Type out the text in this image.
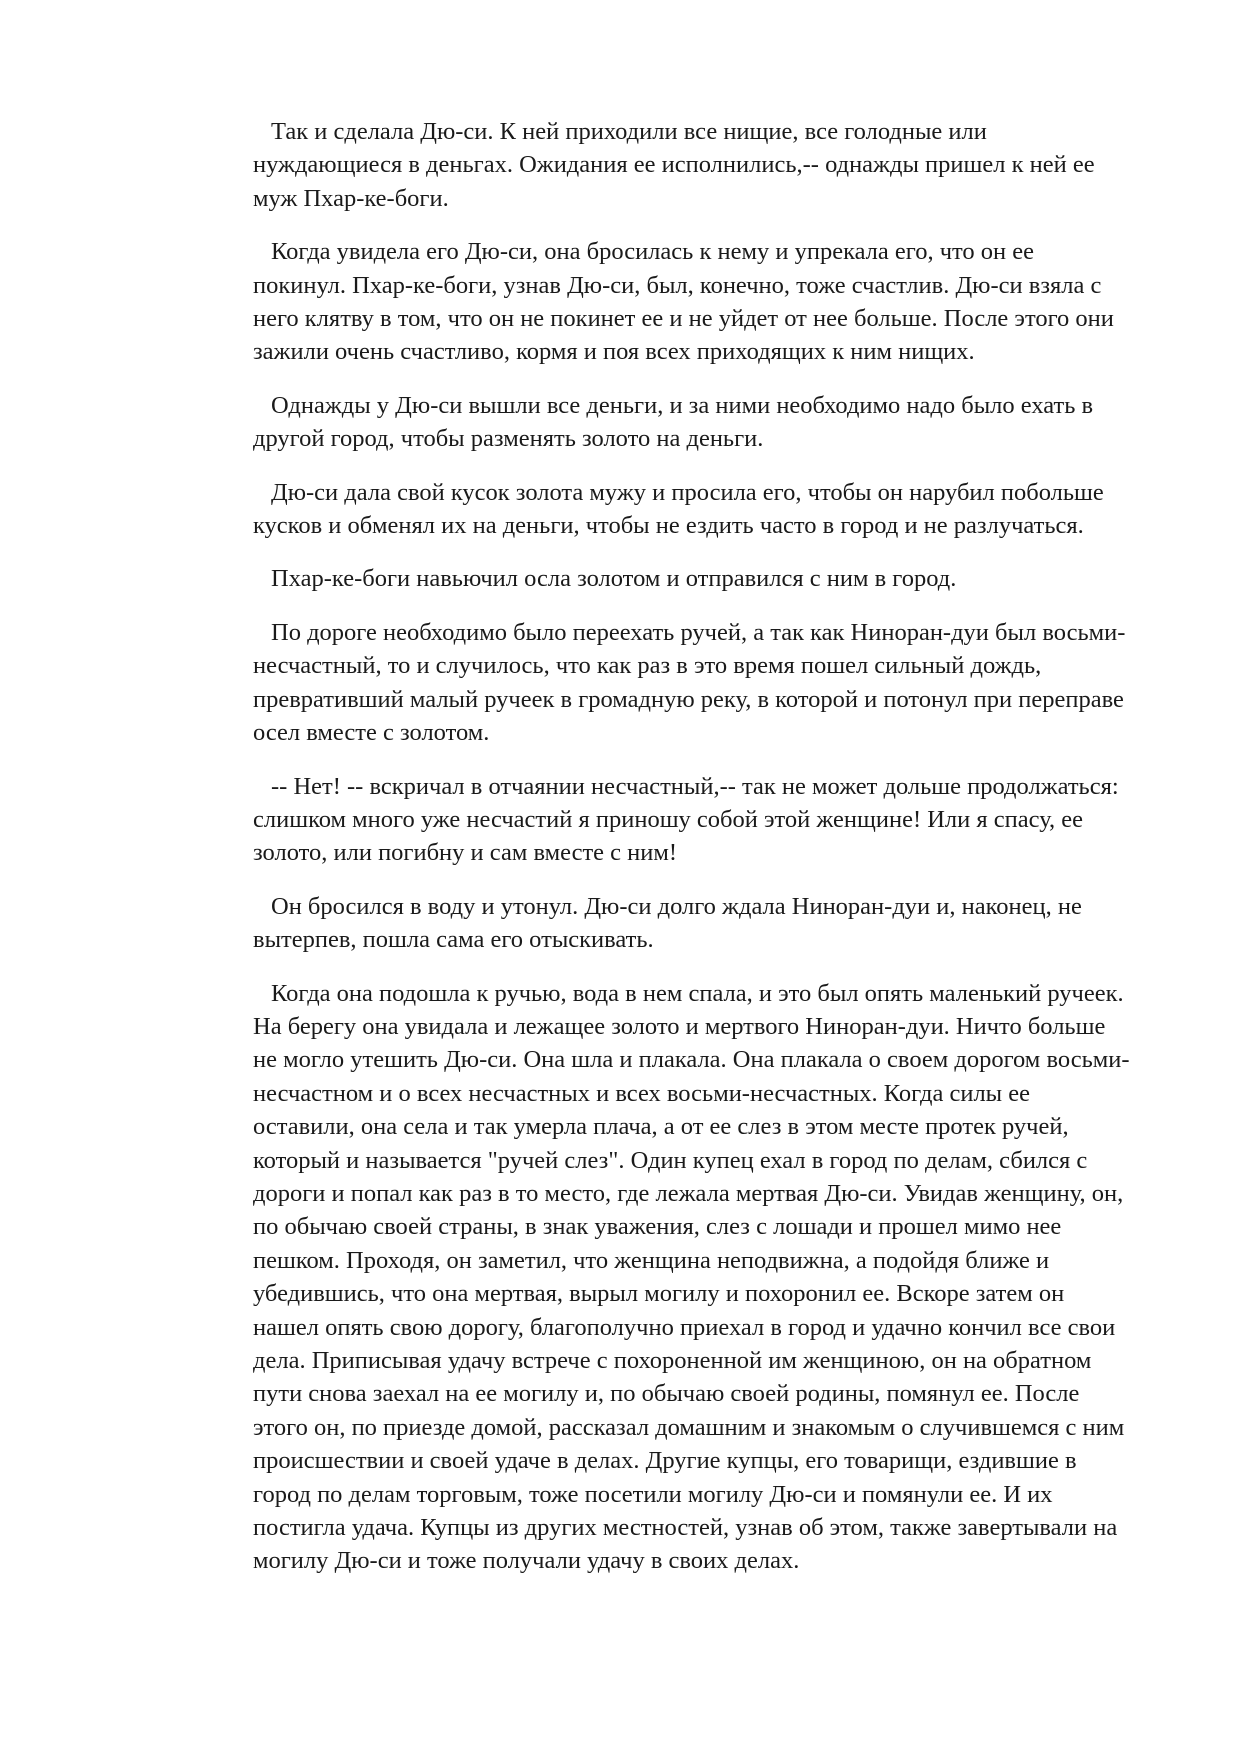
Так и сделала Дю-си. К ней приходили все нищие, все голодные или
нуждающиеся в деньгах. Ожидания ее исполнились,-- однажды пришел к ней ее
муж Пхар-ке-боги.

Когда увидела его Дю-си, она бросилась к нему и упрекала его, что он ее
покинул. Пхар-ке-боги, узнав Дю-си, был, конечно, тоже счастлив. Дю-си взяла с
него клятву в том, что он не покинет ее и не уйдет от нее больше. После этого они
зажили очень счастливо, кормя и поя всех приходящих к ним нищих.

Однажды у Дю-си вышли все деньги, и за ними необходимо надо было ехать в
другой город, чтобы разменять золото на деньги.

Дю-си дала свой кусок золота мужу и просила его, чтобы он нарубил побольше
кусков и обменял их на деньги, чтобы не ездить часто в город и не разлучаться.

Пхар-ке-боги навьючил осла золотом и отправился с ним в город.

По дороге необходимо было переехать ручей, а так как Ниноран-дуи был восьми-
несчастный, то и случилось, что как раз в это время пошел сильный дождь,
превративший малый ручеек в громадную реку, в которой и потонул при переправе
осел вместе с золотом.

-- Нет! -- вскричал в отчаянии несчастный,-- так не может дольше продолжаться:
слишком много уже несчастий я приношу собой этой женщине! Или я спасу, ее
золото, или погибну и сам вместе с ним!

Он бросился в воду и утонул. Дю-си долго ждала Ниноран-дуи и, наконец, не
вытерпев, пошла сама его отыскивать.

Когда она подошла к ручью, вода в нем спала, и это был опять маленький ручеек.
На берегу она увидала и лежащее золото и мертвого Ниноран-дуи. Ничто больше
не могло утешить Дю-си. Она шла и плакала. Она плакала о своем дорогом восьми-
несчастном и о всех несчастных и всех восьми-несчастных. Когда силы ее
оставили, она села и так умерла плача, а от ее слез в этом месте протек ручей,
который и называется "ручей слез". Один купец ехал в город по делам, сбился с
дороги и попал как раз в то место, где лежала мертвая Дю-си. Увидав женщину, он,
по обычаю своей страны, в знак уважения, слез с лошади и прошел мимо нее
пешком. Проходя, он заметил, что женщина неподвижна, а подойдя ближе и
убедившись, что она мертвая, вырыл могилу и похоронил ее. Вскоре затем он
нашел опять свою дорогу, благополучно приехал в город и удачно кончил все свои
дела. Приписывая удачу встрече с похороненной им женщиною, он на обратном
пути снова заехал на ее могилу и, по обычаю своей родины, помянул ее. После
этого он, по приезде домой, рассказал домашним и знакомым о случившемся с ним
происшествии и своей удаче в делах. Другие купцы, его товарищи, ездившие в
город по делам торговым, тоже посетили могилу Дю-си и помянули ее. И их
постигла удача. Купцы из других местностей, узнав об этом, также завертывали на
могилу Дю-си и тоже получали удачу в своих делах.
